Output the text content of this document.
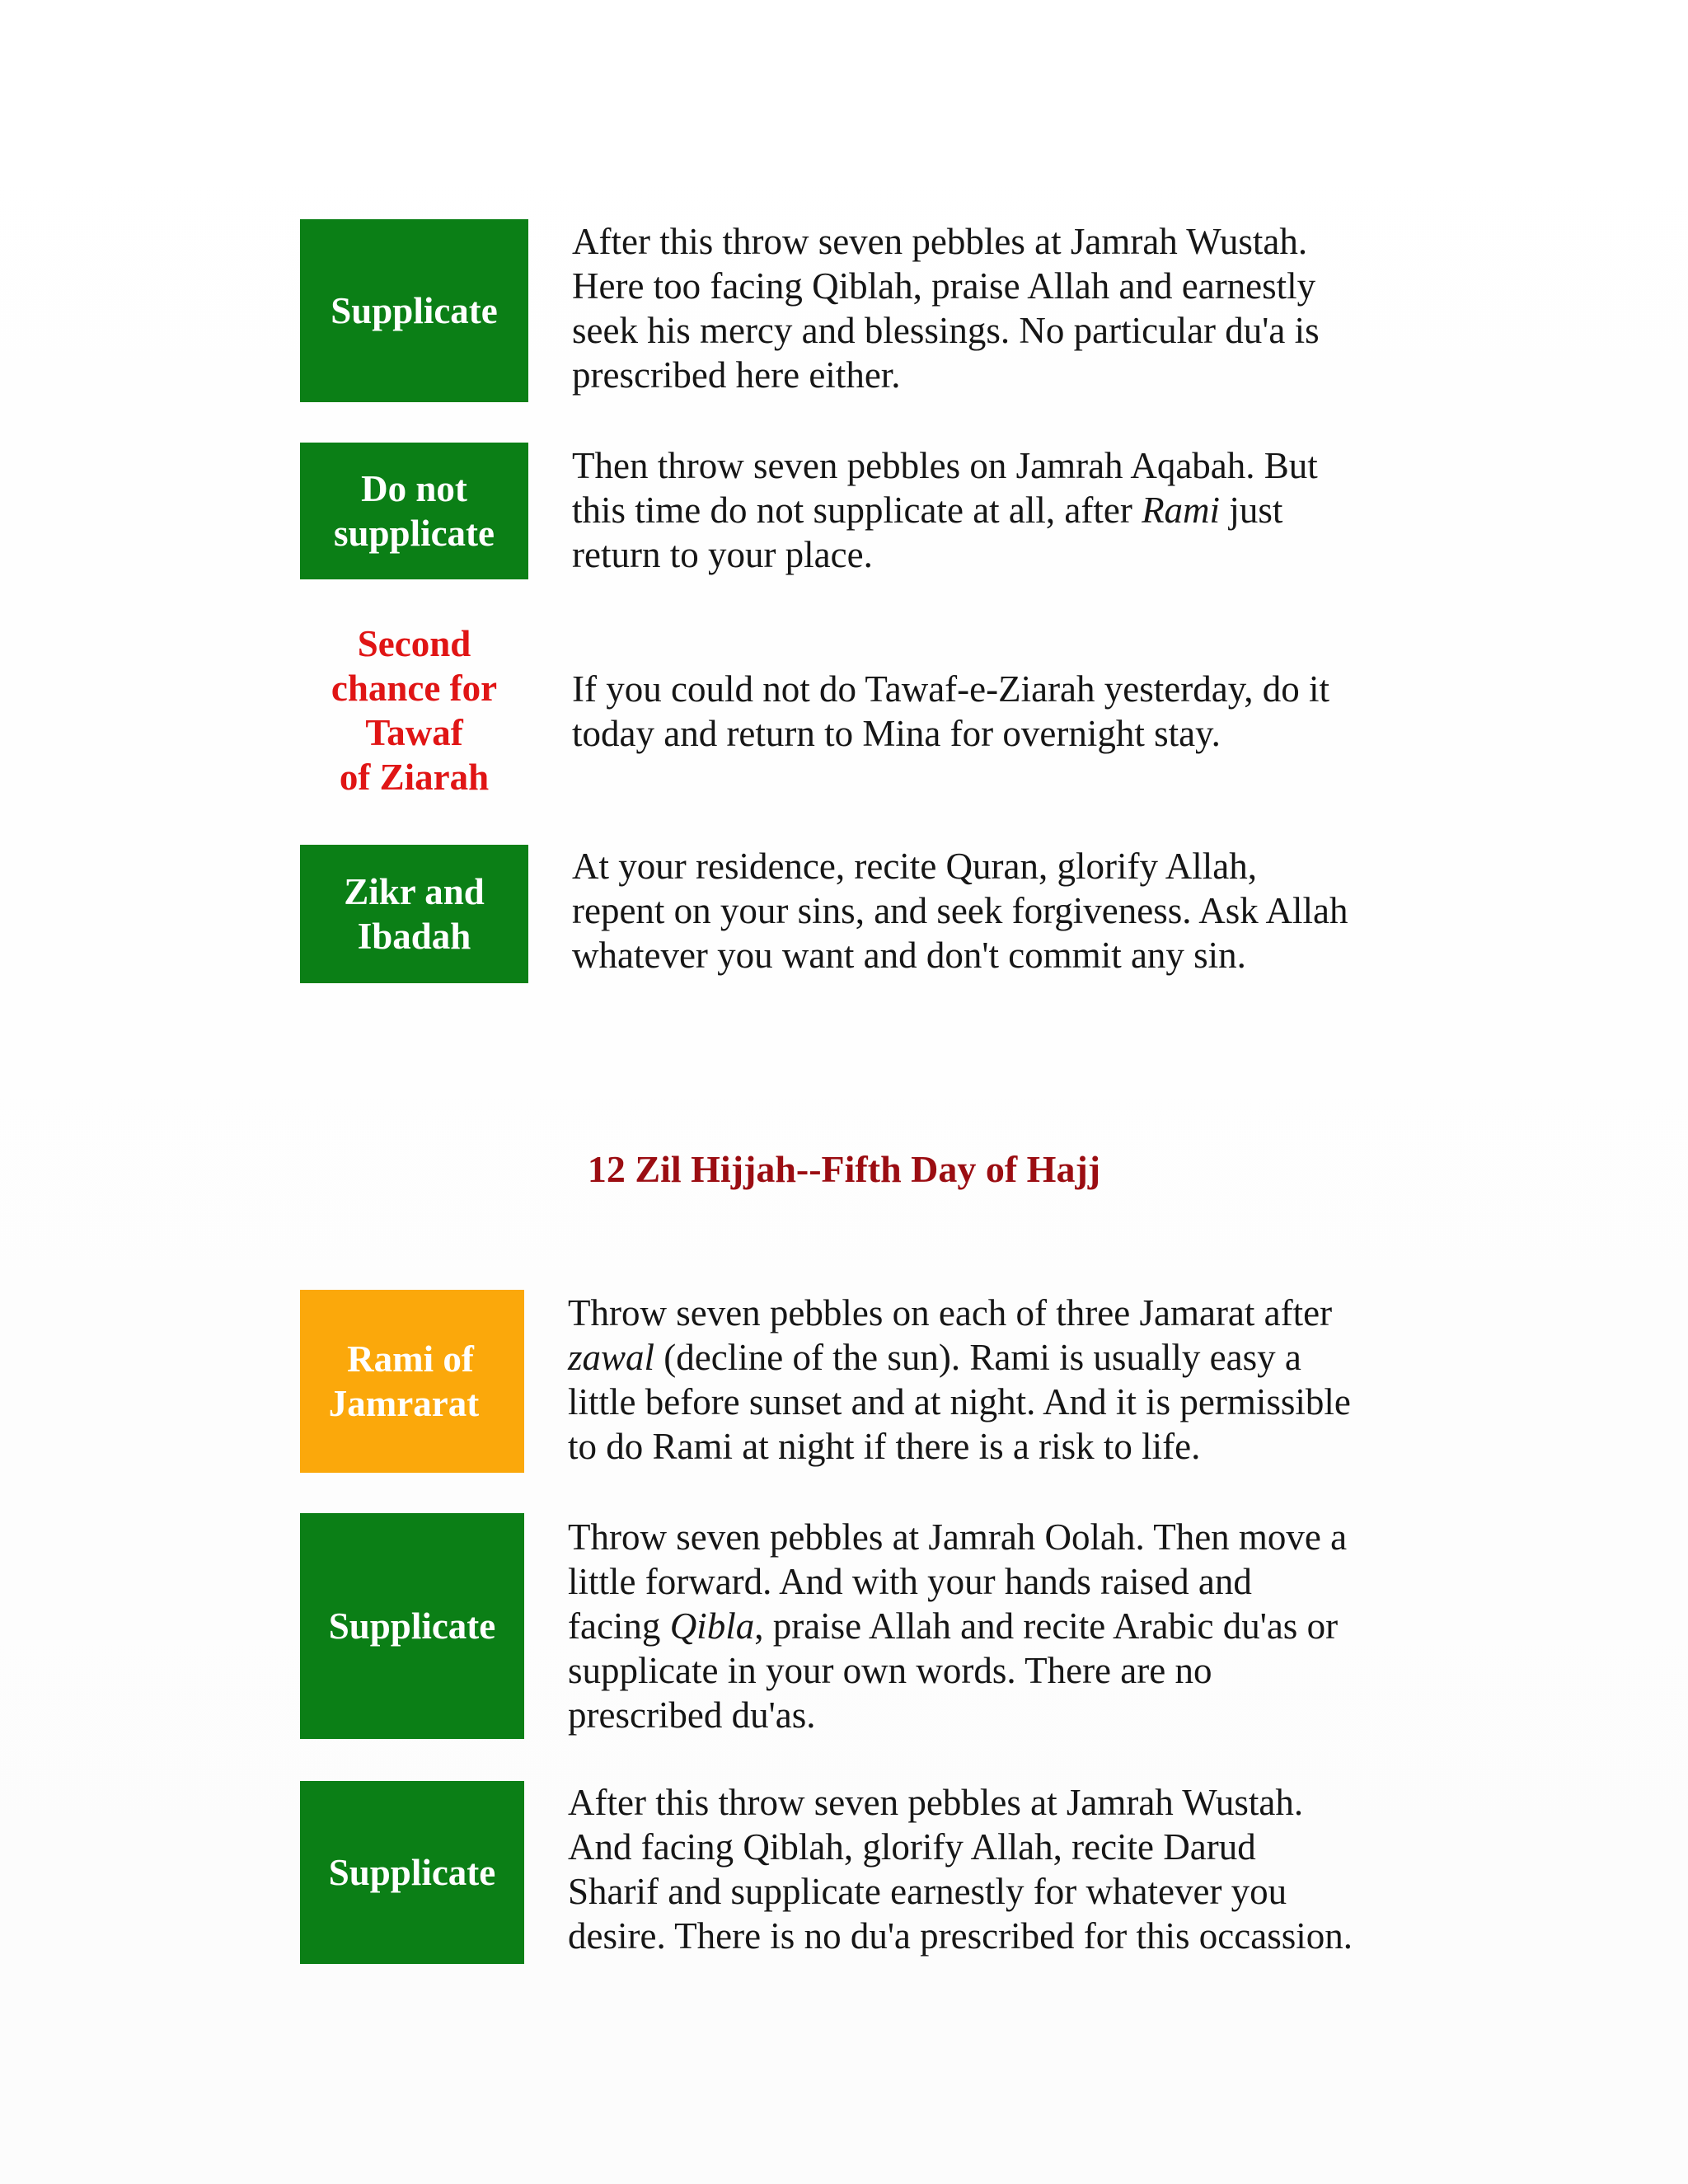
Supplicate
After this throw seven pebbles at Jamrah Wustah.
Here too facing Qiblah, praise Allah and earnestly
seek his mercy and blessings. No particular du'a is
prescribed here either.
Do not
supplicate
Then throw seven pebbles on Jamrah Aqabah. But
this time do not supplicate at all, after Rami just
return to your place.
Second
chance for
Tawaf
of Ziarah
If you could not do Tawaf-e-Ziarah yesterday, do it
today and return to Mina for overnight stay.
Zikr and
Ibadah
At your residence, recite Quran, glorify Allah,
repent on your sins, and seek forgiveness. Ask Allah
whatever you want and don't commit any sin.
12 Zil Hijjah--Fifth Day of Hajj
Rami of
Jamrarat
Throw seven pebbles on each of three Jamarat after
zawal (decline of the sun). Rami is usually easy a
little before sunset and at night. And it is permissible
to do Rami at night if there is a risk to life.
Supplicate
Throw seven pebbles at Jamrah Oolah. Then move a
little forward. And with your hands raised and
facing Qibla, praise Allah and recite Arabic du'as or
supplicate in your own words. There are no
prescribed du'as.
Supplicate
After this throw seven pebbles at Jamrah Wustah.
And facing Qiblah, glorify Allah, recite Darud
Sharif and supplicate earnestly for whatever you
desire. There is no du'a prescribed for this occassion.
